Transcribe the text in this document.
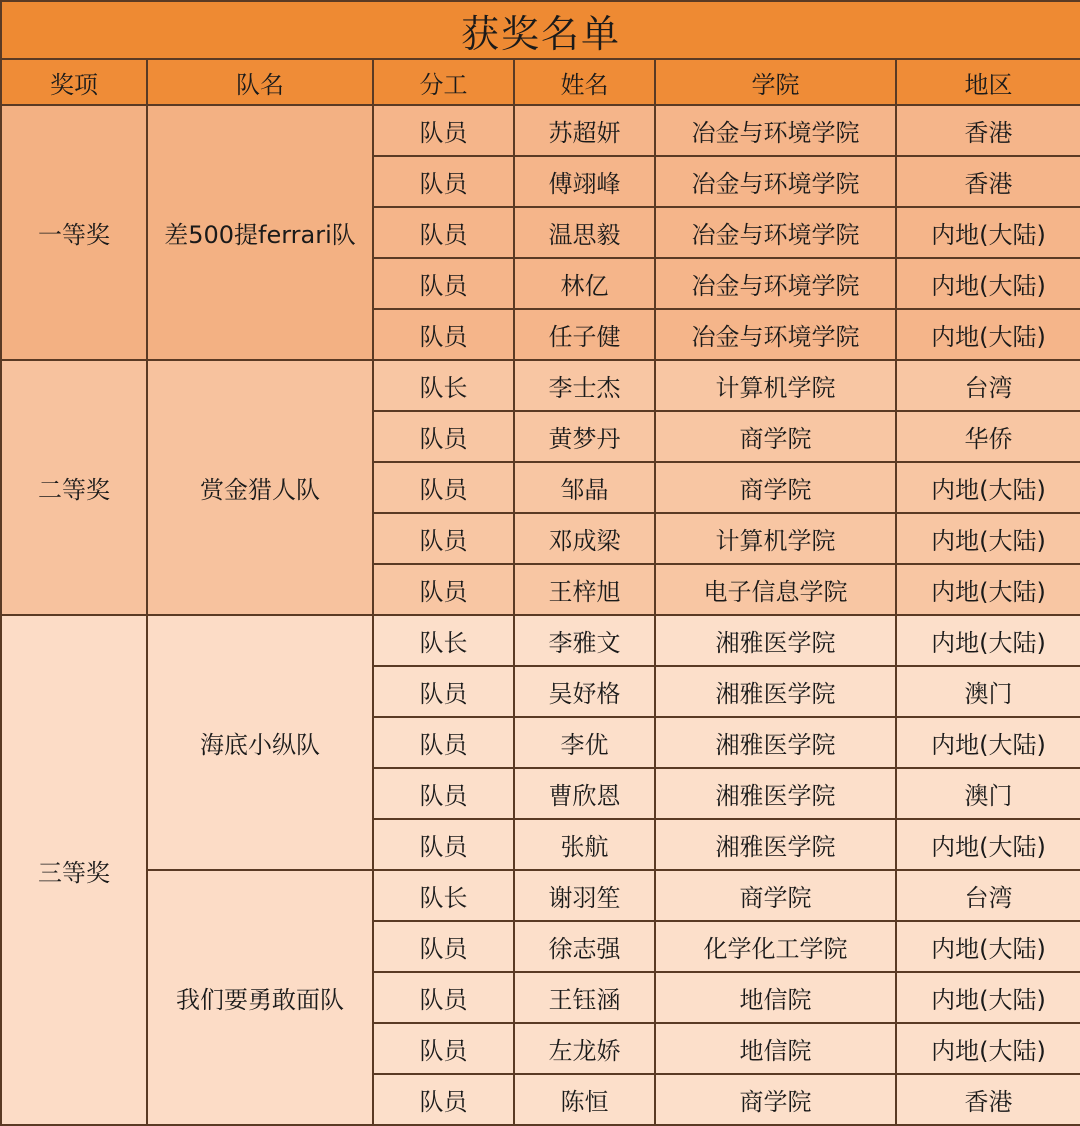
获奖名单					
奖项	队名	分工	姓名	学院	地区
一等奖	差500提ferrari队	队员	苏超妍	冶金与环境学院	香港
		队员	傅翊峰	冶金与环境学院	香港
		队员	温思毅	冶金与环境学院	内地(大陆)
		队员	林亿	冶金与环境学院	内地(大陆)
		队员	任子健	冶金与环境学院	内地(大陆)
二等奖	赏金猎人队	队长	李士杰	计算机学院	台湾
		队员	黄梦丹	商学院	华侨
		队员	邹晶	商学院	内地(大陆)
		队员	邓成梁	计算机学院	内地(大陆)
		队员	王梓旭	电子信息学院	内地(大陆)
三等奖	海底小纵队	队长	李雅文	湘雅医学院	内地(大陆)
		队员	吴妤格	湘雅医学院	澳门
		队员	李优	湘雅医学院	内地(大陆)
		队员	曹欣恩	湘雅医学院	澳门
		队员	张航	湘雅医学院	内地(大陆)
	我们要勇敢面队	队长	谢羽笙	商学院	台湾
		队员	徐志强	化学化工学院	内地(大陆)
		队员	王钰涵	地信院	内地(大陆)
		队员	左龙娇	地信院	内地(大陆)
		队员	陈恒	商学院	香港
